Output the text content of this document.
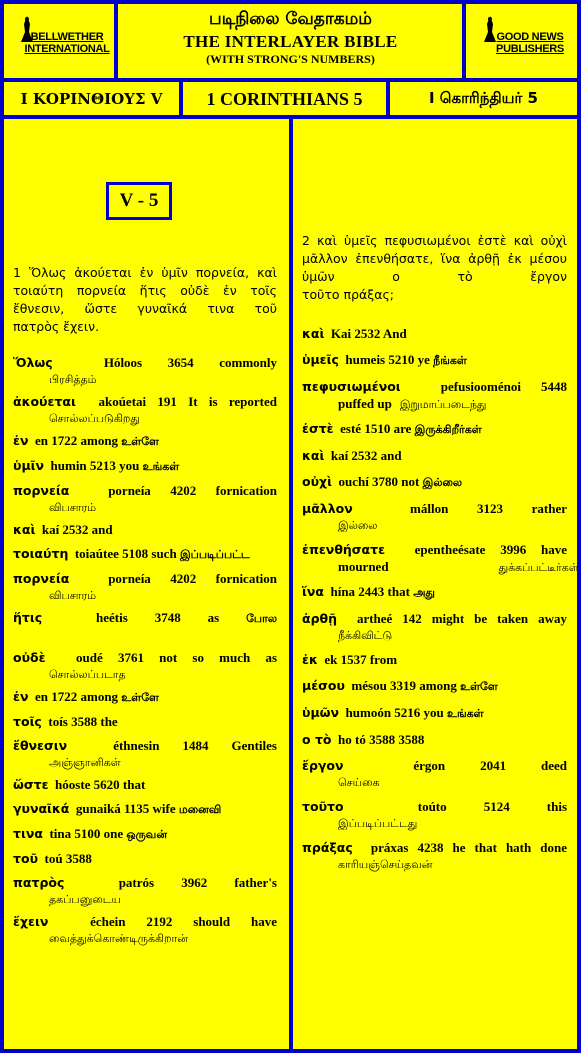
BELLWETHER INTERNATIONAL
GOOD NEWS PUBLISHERS
படிநிலை வேதாகமம்
THE INTERLAYER BIBLE
(WITH STRONG'S NUMBERS)
Ι ΚΟΡΙΝΘΙΟΥΣ V	1 CORINTHIANS 5	I கொரிந்தியர் 5
V - 5
1 Ὅλως ἀκούεται ἐν ὑμῖν πορνεία, καὶ τοιαύτη πορνεία ἥτις οὐδὲ ἐν τοῖς ἔθνεσιν, ὥστε γυναῖκά τινα τοῦ
πατρὸς ἔχειν.
Ὅλως	Hóloos 3654 commonly
பிரசித்தம்
ἀκούεται akoúetai 191 It is reported
சொல்லப்படுகிறது
ἐν en 1722 among உள்ளே
ὑμῖν humin 5213 you உங்கள்
πορνεία	porneía 4202 fornication
விபசாரம்
καὶ kaí 2532 and
τοιαύτη toiaútee 5108 such இப்படிப்பட்ட
πορνεία	porneía 4202 fornication
விபசாரம்
ἥτις	heétis 3748 as போல
οὐδὲ oudé 3761 not so much as
சொல்லப்படாத
ἐν en 1722 among உள்ளே
τοῖς toís 3588 the
ἔθνεσιν	éthnesin 1484 Gentiles
அஞ்ஞானிகள்
ὥστε hóoste 5620 that
γυναῖκά gunaiká 1135 wife மனைவி
τινα tina 5100 one ஒருவன்
τοῦ toú 3588
πατρὸς	patrós 3962 father's
தகப்பனுடைய
ἔχειν	échein 2192 should have
வைத்துக்கொண்டிருக்கிறான்
2 καὶ ὑμεῖς πεφυσιωμένοι ἐστὲ καὶ οὐχὶ μᾶλλον ἐπενθήσατε, ἵνα ἀρθῇ ἐκ μέσου ὑμῶν ο τὸ ἔργον
τοῦτο πράξας;
καὶ Kai 2532 And
ὑμεῖς humeis 5210 ye நீங்கள்
πεφυσιωμένοι	pefusiooménoi 5448
puffed up இறுமாப்படைந்து
ἐστὲ esté 1510 are இருக்கிறீர்கள்
καὶ kaí 2532 and
οὐχὶ ouchí 3780 not இல்லை
μᾶλλον	mállon 3123 rather
இல்லை
ἐπενθήσατε epentheésate 3996 have
mourned	துக்கப்பட்டீர்கள்
ἵνα hína 2443 that அது
ἀρθῇ artheé 142 might be taken away
நீக்கிவிட்டு
ἐκ ek 1537 from
μέσου mésou 3319 among உள்ளே
ὑμῶν humoón 5216 you உங்கள்
ο τὸ ho tó 3588 3588
ἔργον	érgon 2041 deed
செய்கை
τοῦτο	toúto 5124 this
இப்படிப்பட்டது
πράξας práxas 4238 he that hath done
காரியஞ்செய்தவன்
